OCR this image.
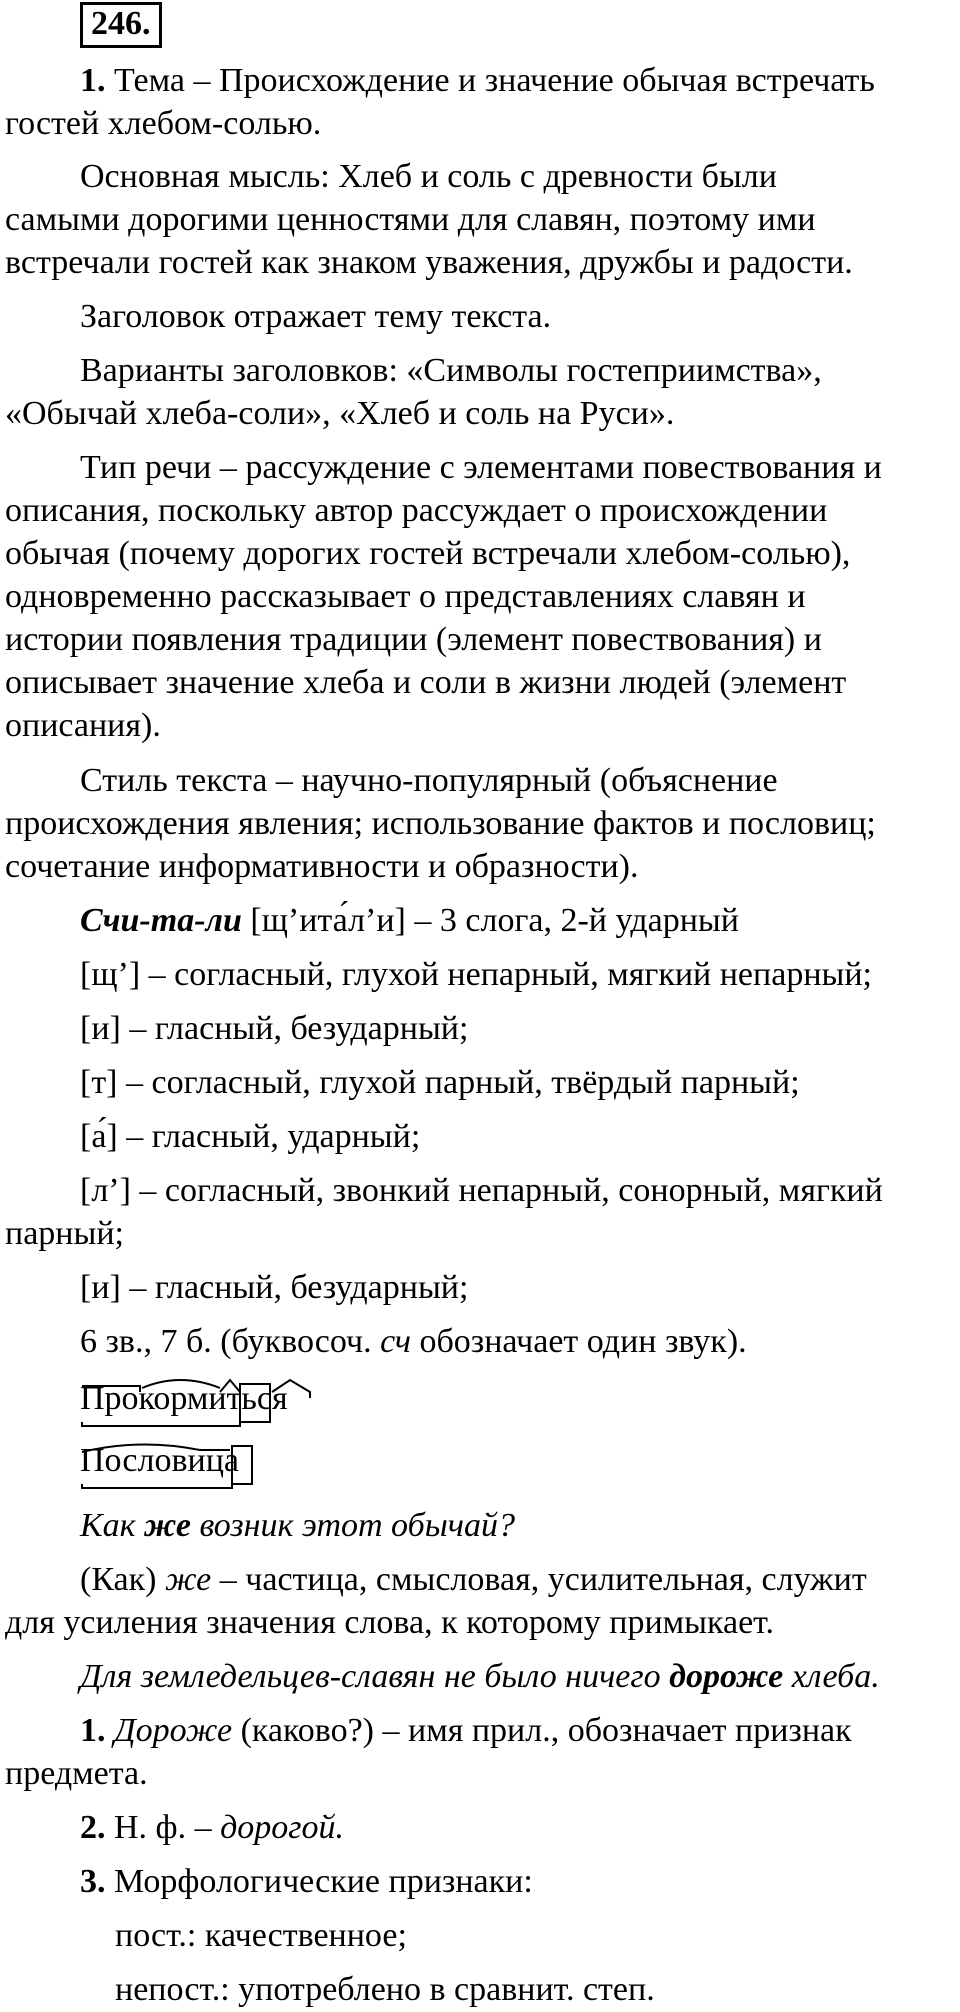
246.
1. Тема – Происхождение и значение обычая встречать
гостей хлебом-солью.
Основная мысль: Хлеб и соль с древности были
самыми дорогими ценностями для славян, поэтому ими
встречали гостей как знаком уважения, дружбы и радости.
Заголовок отражает тему текста.
Варианты заголовков: «Символы гостеприимства»,
«Обычай хлеба-соли», «Хлеб и соль на Руси».
Тип речи – рассуждение с элементами повествования и
описания, поскольку автор рассуждает о происхождении
обычая (почему дорогих гостей встречали хлебом-солью),
одновременно рассказывает о представлениях славян и
истории появления традиции (элемент повествования) и
описывает значение хлеба и соли в жизни людей (элемент
описания).
Стиль текста – научно-популярный (объяснение
происхождения явления; использование фактов и пословиц;
сочетание информативности и образности).
Счи-та-ли [щ’ита́л’и] – 3 слога, 2-й ударный
[щ’] – согласный, глухой непарный, мягкий непарный;
[и] – гласный, безударный;
[т] – согласный, глухой парный, твёрдый парный;
[а́] – гласный, ударный;
[л’] – согласный, звонкий непарный, сонорный, мягкий
парный;
[и] – гласный, безударный;
6 зв., 7 б. (буквосоч. сч обозначает один звук).
Как же возник этот обычай?
(Как) же – частица, смысловая, усилительная, служит
для усиления значения слова, к которому примыкает.
Для земледельцев-славян не было ничего дороже хлеба.
1. Дороже (каково?) – имя прил., обозначает признак
предмета.
2. Н. ф. – дорогой.
3. Морфологические признаки:
пост.: качественное;
непост.: употреблено в сравнит. степ.
Прокормиться
Пословица
